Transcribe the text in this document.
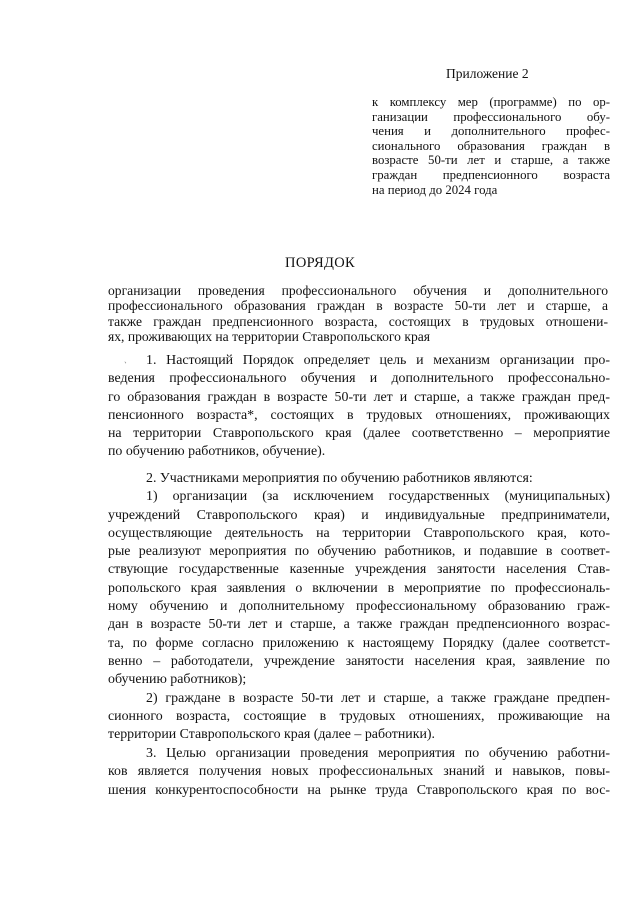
Приложение 2
к комплексу мер (программе) по ор-
ганизации профессионального обу-
чения и дополнительного профес-
сионального образования граждан в
возрасте 50-ти лет и старше, а также
граждан предпенсионного возраста
на период до 2024 года
ПОРЯДОК
организации проведения профессионального обучения и дополнительного
профессионального образования граждан в возрасте 50-ти лет и старше, а
также граждан предпенсионного возраста, состоящих в трудовых отношени-
ях, проживающих на территории Ставропольского края
ㆍ	1. Настоящий Порядок определяет цель и механизм организации про-
ведения профессионального обучения и дополнительного профессонально-
го образования граждан в возрасте 50-ти лет и старше, а также граждан пред-
пенсионного возраста*, состоящих в трудовых отношениях, проживающих
на территории Ставропольского края (далее соответственно – мероприятие
по обучению работников, обучение).
2. Участниками мероприятия по обучению работников являются:
1) организации (за исключением государственных (муниципальных)
учреждений Ставропольского края) и индивидуальные предприниматели,
осуществляющие деятельность на территории Ставропольского края, кото-
рые реализуют мероприятия по обучению работников, и подавшие в соответ-
ствующие государственные казенные учреждения занятости населения Став-
ропольского края заявления о включении в мероприятие по профессиональ-
ному обучению и дополнительному профессиональному образованию граж-
дан в возрасте 50-ти лет и старше, а также граждан предпенсионного возрас-
та, по форме согласно приложению к настоящему Порядку (далее соответст-
венно – работодатели, учреждение занятости населения края, заявление по
обучению работников);
2) граждане в возрасте 50-ти лет и старше, а также граждане предпен-
сионного возраста, состоящие в трудовых отношениях, проживающие на
территории Ставропольского края (далее – работники).
3. Целью организации проведения мероприятия по обучению работни-
ков является получения новых профессиональных знаний и навыков, повы-
шения конкурентоспособности на рынке труда Ставропольского края по вос-
